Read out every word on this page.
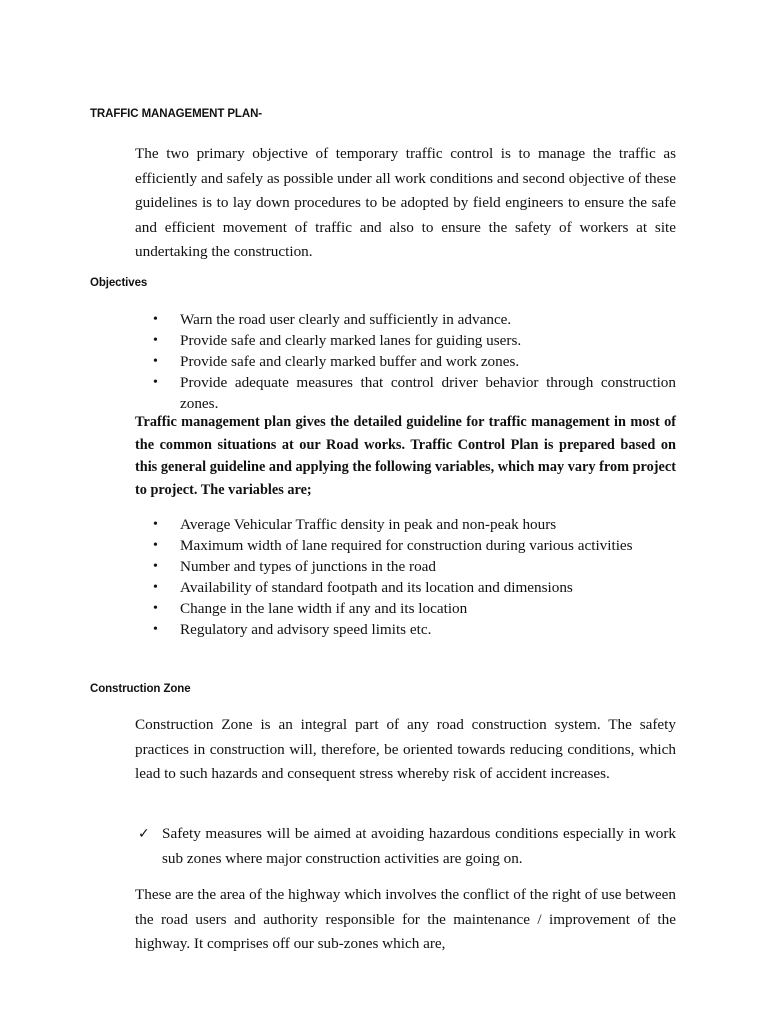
TRAFFIC MANAGEMENT PLAN-
The two primary objective of temporary traffic control is to manage the traffic as efficiently and safely as possible under all work conditions and second objective of these guidelines is to lay down procedures to be adopted by field engineers to ensure the safe and efficient movement of traffic and also to ensure the safety of workers at site undertaking the construction.
Objectives
• Warn the road user clearly and sufficiently in advance.
• Provide safe and clearly marked lanes for guiding users.
• Provide safe and clearly marked buffer and work zones.
• Provide adequate measures that control driver behavior through construction zones.
Traffic management plan gives the detailed guideline for traffic management in most of the common situations at our Road works. Traffic Control Plan is prepared based on this general guideline and applying the following variables, which may vary from project to project. The variables are;
• Average Vehicular Traffic density in peak and non-peak hours
• Maximum width of lane required for construction during various activities
• Number and types of junctions in the road
• Availability of standard footpath and its location and dimensions
• Change in the lane width if any and its location
• Regulatory and advisory speed limits etc.
Construction Zone
Construction Zone is an integral part of any road construction system. The safety practices in construction will, therefore, be oriented towards reducing conditions, which lead to such hazards and consequent stress whereby risk of accident increases.
✓ Safety measures will be aimed at avoiding hazardous conditions especially in work sub zones where major construction activities are going on.
These are the area of the highway which involves the conflict of the right of use between the road users and authority responsible for the maintenance / improvement of the highway. It comprises off our sub-zones which are,
